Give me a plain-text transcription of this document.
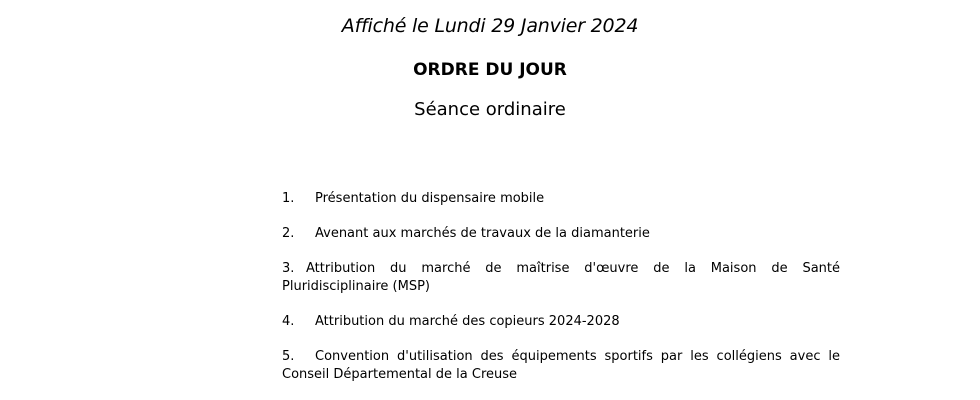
Affiché le Lundi 29 Janvier 2024
ORDRE DU JOUR
Séance ordinaire
1. Présentation du dispensaire mobile
2. Avenant aux marchés de travaux de la diamanterie
3. Attribution du marché de maîtrise d'œuvre de la Maison de Santé Pluridisciplinaire (MSP)
4. Attribution du marché des copieurs 2024-2028
5. Convention d'utilisation des équipements sportifs par les collégiens avec le Conseil Départemental de la Creuse
